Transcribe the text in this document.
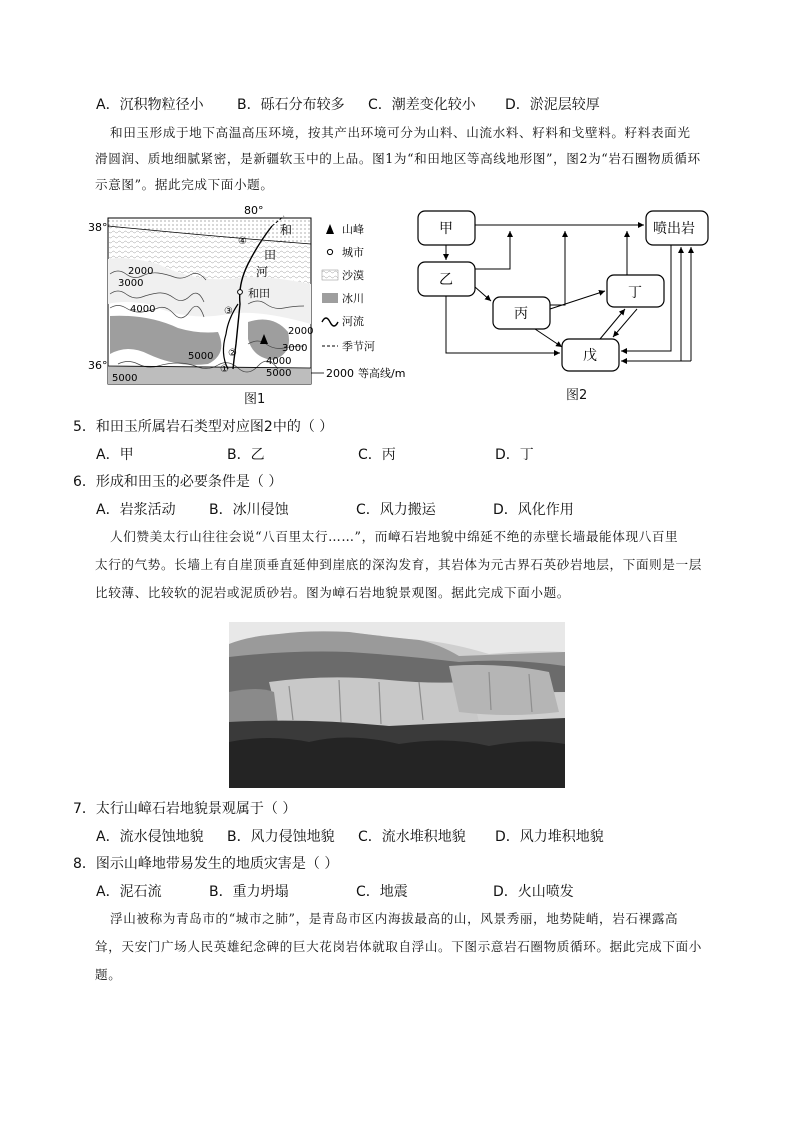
A．沉积物粒径小	B．砾石分布较多	C．潮差变化较小	D．淤泥层较厚
和田玉形成于地下高温高压环境，按其产出环境可分为山料、山流水料、籽料和戈壁料。籽料表面光
滑圆润、质地细腻紧密，是新疆软玉中的上品。图1为“和田地区等高线地形图”，图2为“岩石圈物质循环
示意图”。据此完成下面小题。
38°
36°
80°
和
田
河
和田
2000
3000
4000
2000
3000
4000
5000
5000
5000
①
②
③
④
山峰
城市
沙漠
冰川
河流
季节河
2000 等高线/m
图1
甲
乙
丙
丁
戊
喷出岩
图2
5．和田玉所属岩石类型对应图2中的（ ）
A．甲	B．乙	C．丙	D．丁
6．形成和田玉的必要条件是（ ）
A．岩浆活动	B．冰川侵蚀	C．风力搬运	D．风化作用
人们赞美太行山往往会说“八百里太行……”，而嶂石岩地貌中绵延不绝的赤壁长墙最能体现八百里
太行的气势。长墙上有自崖顶垂直延伸到崖底的深沟发育，其岩体为元古界石英砂岩地层，下面则是一层
比较薄、比较软的泥岩或泥质砂岩。图为嶂石岩地貌景观图。据此完成下面小题。
7．太行山嶂石岩地貌景观属于（ ）
A．流水侵蚀地貌	B．风力侵蚀地貌	C．流水堆积地貌	D．风力堆积地貌
8．图示山峰地带易发生的地质灾害是（ ）
A．泥石流	B．重力坍塌	C．地震	D．火山喷发
浮山被称为青岛市的“城市之肺”，是青岛市区内海拔最高的山，风景秀丽，地势陡峭，岩石裸露高
耸，天安门广场人民英雄纪念碑的巨大花岗岩体就取自浮山。下图示意岩石圈物质循环。据此完成下面小
题。
